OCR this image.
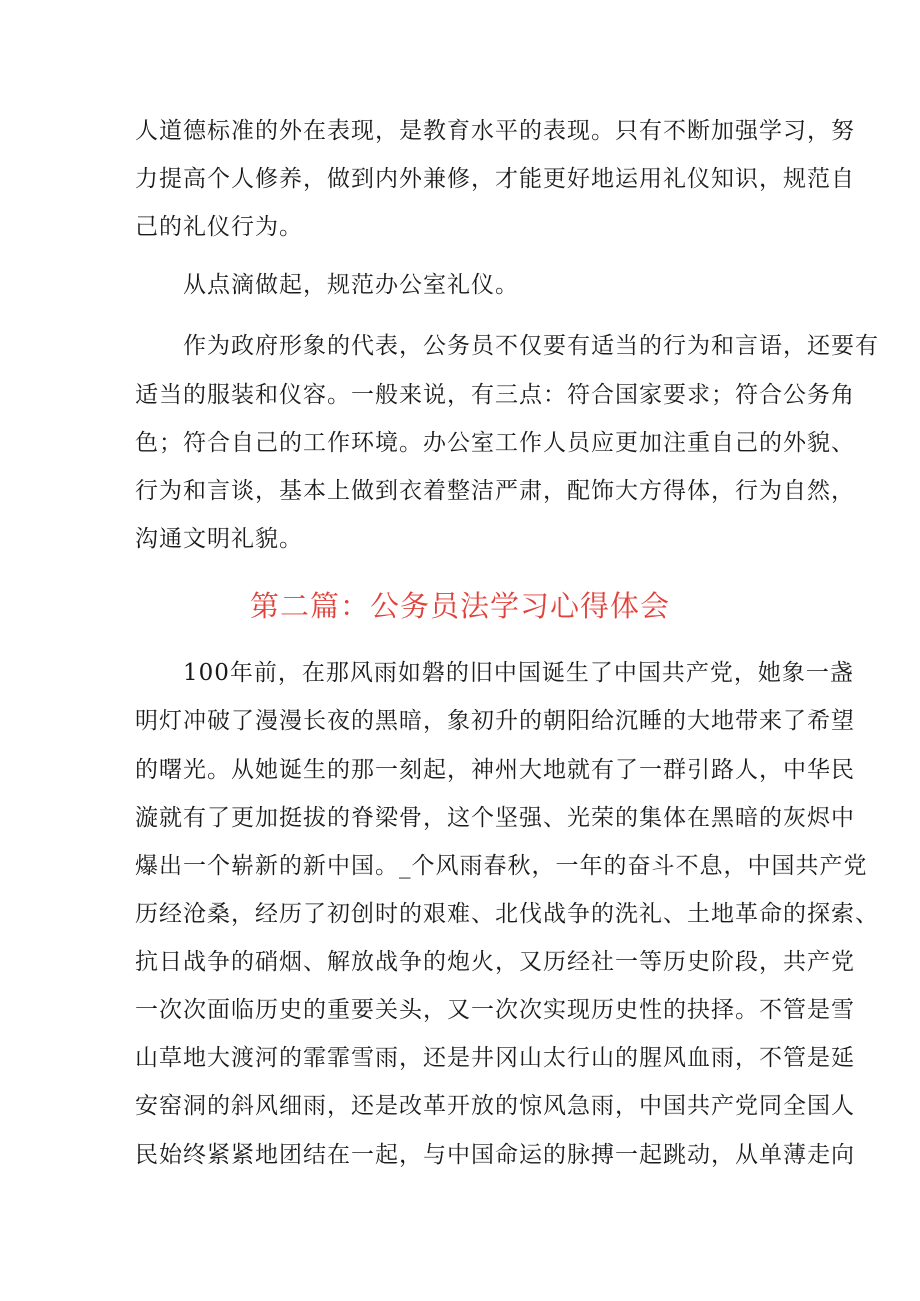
人道德标准的外在表现，是教育水平的表现。只有不断加强学习，努
力提高个人修养，做到内外兼修，才能更好地运用礼仪知识，规范自
己的礼仪行为。
从点滴做起，规范办公室礼仪。
作为政府形象的代表，公务员不仅要有适当的行为和言语，还要有
适当的服装和仪容。一般来说，有三点：符合国家要求；符合公务角
色；符合自己的工作环境。办公室工作人员应更加注重自己的外貌、
行为和言谈，基本上做到衣着整洁严肃，配饰大方得体，行为自然，
沟通文明礼貌。
第二篇：公务员法学习心得体会
100年前，在那风雨如磐的旧中国诞生了中国共产党，她象一盏
明灯冲破了漫漫长夜的黑暗，象初升的朝阳给沉睡的大地带来了希望
的曙光。从她诞生的那一刻起，神州大地就有了一群引路人，中华民
漩就有了更加挺拔的脊梁骨，这个坚强、光荣的集体在黑暗的灰烬中
爆出一个崭新的新中国。_个风雨春秋，一年的奋斗不息，中国共产党
历经沧桑，经历了初创时的艰难、北伐战争的洗礼、土地革命的探索、
抗日战争的硝烟、解放战争的炮火，又历经社一等历史阶段，共产党
一次次面临历史的重要关头，又一次次实现历史性的抉择。不管是雪
山草地大渡河的霏霏雪雨，还是井冈山太行山的腥风血雨，不管是延
安窑洞的斜风细雨，还是改革开放的惊风急雨，中国共产党同全国人
民始终紧紧地团结在一起，与中国命运的脉搏一起跳动，从单薄走向
